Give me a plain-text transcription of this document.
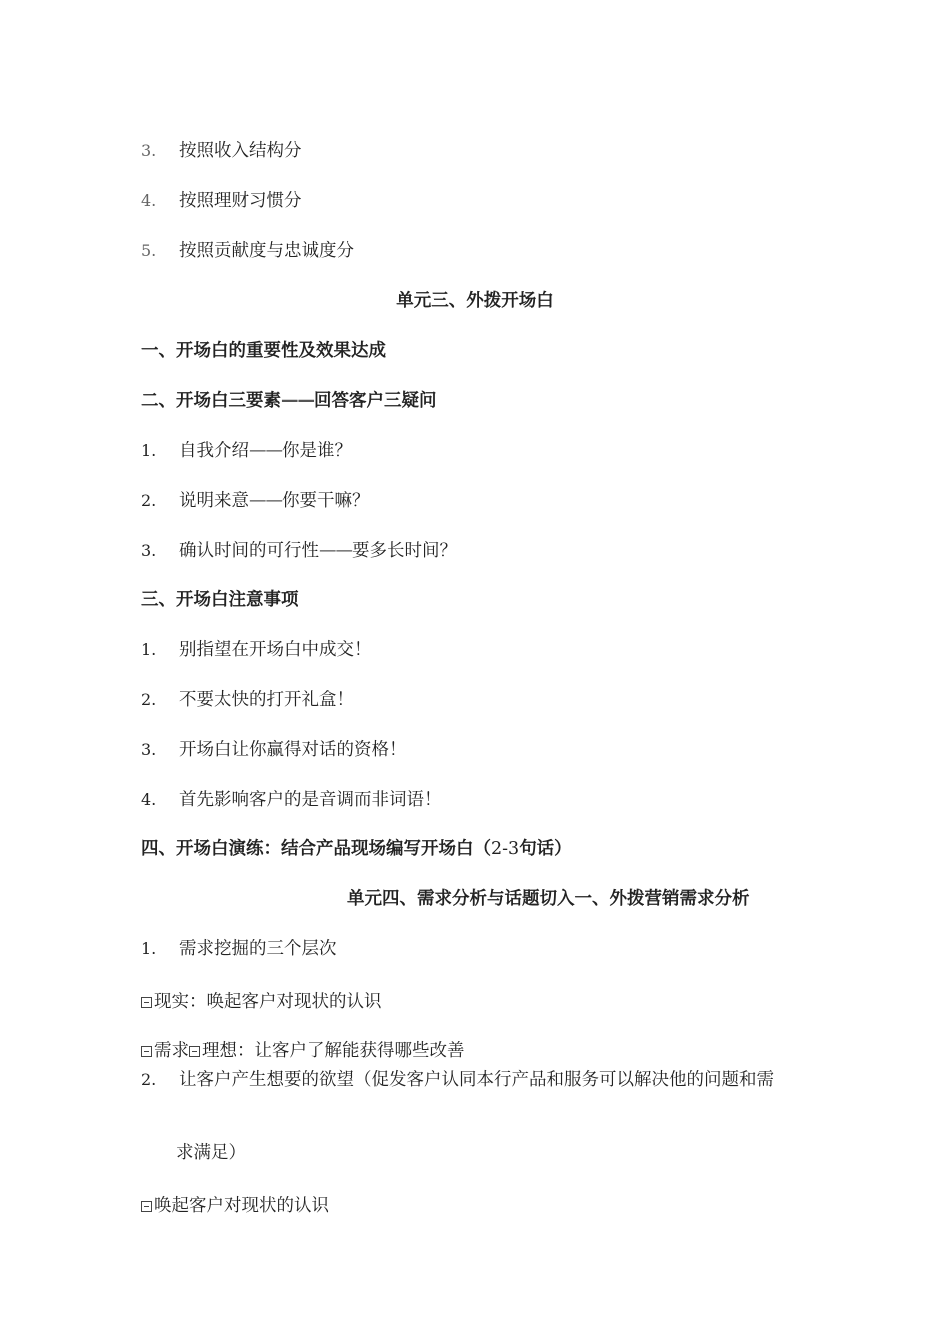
3. 按照收入结构分
4. 按照理财习惯分
5. 按照贡献度与忠诚度分
单元三、外拨开场白
一、开场白的重要性及效果达成
二、开场白三要素——回答客户三疑问
1. 自我介绍——你是谁？
2. 说明来意——你要干嘛？
3. 确认时间的可行性——要多长时间？
三、开场白注意事项
1. 别指望在开场白中成交！
2. 不要太快的打开礼盒！
3. 开场白让你赢得对话的资格！
4. 首先影响客户的是音调而非词语！
四、开场白演练：结合产品现场编写开场白（2-3句话）
单元四、需求分析与话题切入一、外拨营销需求分析
1. 需求挖掘的三个层次
现实：唤起客户对现状的认识
需求 理想：让客户了解能获得哪些改善
2. 让客户产生想要的欲望（促发客户认同本行产品和服务可以解决他的问题和需
求满足）
唤起客户对现状的认识
